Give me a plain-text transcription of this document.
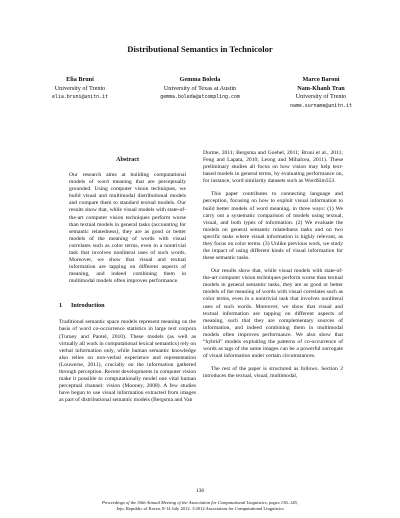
Distributional Semantics in Technicolor
Elia Bruni
University of Trento
elia.bruni@unitn.it
Gemma Boleda
University of Texas at Austin
gemma.boleda@utcompling.com
Marco Baroni
Nam-Khanh Tran
University of Trento
name.surname@unitn.it
Abstract
Our research aims at building computational models of word meaning that are perceptually grounded. Using computer vision techniques, we build visual and multimodal distributional models and compare them to standard textual models. Our results show that, while visual models with state-of-the-art computer vision techniques perform worse than textual models in general tasks (accounting for semantic relatedness), they are as good or better models of the meaning of words with visual correlates such as color terms, even in a nontrivial task that involves nonliteral uses of such words. Moreover, we show that visual and textual information are tapping on different aspects of meaning, and indeed combining them in multimodal models often improves performance.
1 Introduction
Traditional semantic space models represent meaning on the basis of word co-occurrence statistics in large text corpora (Turney and Pantel, 2010). These models (as well as virtually all work in computational lexical semantics) rely on verbal information only, while human semantic knowledge also relies on non-verbal experience and representation (Louwerse, 2011), crucially on the information gathered through perception. Recent developments in computer vision make it possible to computationally model one vital human perceptual channel: vision (Mooney, 2008). A few studies have begun to use visual information extracted from images as part of distributional semantic models (Bergsma and Van
Durme, 2011; Bergsma and Goebel, 2011; Bruni et al., 2011; Feng and Lapata, 2010; Leong and Mihalcea, 2011). These preliminary studies all focus on how vision may help text-based models in general terms, by evaluating performance on, for instance, word similarity datasets such as WordSim353.
This paper contributes to connecting language and perception, focusing on how to exploit visual information to build better models of word meaning, in three ways: (1) We carry out a systematic comparison of models using textual, visual, and both types of information. (2) We evaluate the models on general semantic relatedness tasks and on two specific tasks where visual information is highly relevant, as they focus on color terms. (3) Unlike previous work, we study the impact of using different kinds of visual information for these semantic tasks.
Our results show that, while visual models with state-of-the-art computer vision techniques perform worse than textual models in general semantic tasks, they are as good or better models of the meaning of words with visual correlates such as color terms, even in a nontrivial task that involves nonliteral uses of such words. Moreover, we show that visual and textual information are tapping on different aspects of meaning, such that they are complementary sources of information, and indeed combining them in multimodal models often improves performance. We also show that “hybrid” models exploiting the patterns of co-occurrence of words as tags of the same images can be a powerful surrogate of visual information under certain circumstances.
The rest of the paper is structured as follows. Section 2 introduces the textual, visual, multimodal,
136
Proceedings of the 50th Annual Meeting of the Association for Computational Linguistics, pages 136–145,
Jeju, Republic of Korea, 8-14 July 2012. ©2012 Association for Computational Linguistics
